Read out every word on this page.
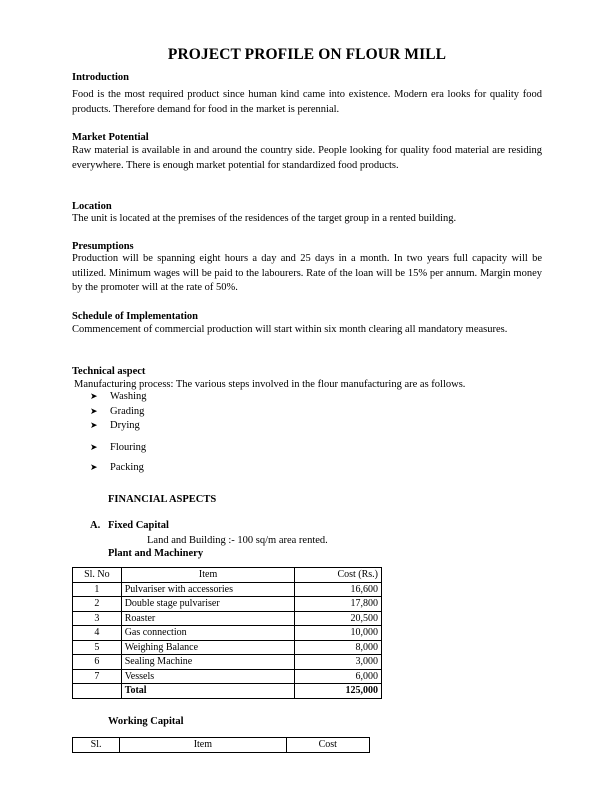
PROJECT PROFILE ON FLOUR MILL
Introduction
Food is the most required product since human kind came into existence. Modern era looks for quality food products. Therefore demand for food in the market is perennial.
Market Potential
Raw material is available in and around the country side. People looking for quality food material are residing everywhere. There is enough market potential for standardized food products.
Location
The unit is located at the premises of the residences of the target group in a rented building.
Presumptions
Production will be spanning eight hours a day and 25 days in a month. In two years full capacity will be utilized. Minimum wages will be paid to the labourers. Rate of the loan will be 15% per annum. Margin money by the promoter will at the rate of 50%.
Schedule of Implementation
Commencement of commercial production will start within six month clearing all mandatory measures.
Technical aspect
Manufacturing process: The various steps involved in the flour manufacturing are as follows.
➤ Washing
➤ Grading
➤ Drying
➤ Flouring
➤ Packing
FINANCIAL ASPECTS
A. Fixed Capital
Land and Building :- 100 sq/m area rented.
Plant and Machinery
Sl. No	Item	Cost (Rs.)
1	Pulvariser with accessories	16,600
2	Double stage pulvariser	17,800
3	Roaster	20,500
4	Gas connection	10,000
5	Weighing Balance	8,000
6	Sealing Machine	3,000
7	Vessels	6,000
	Total	125,000
Working Capital
Sl.	Item	Cost
